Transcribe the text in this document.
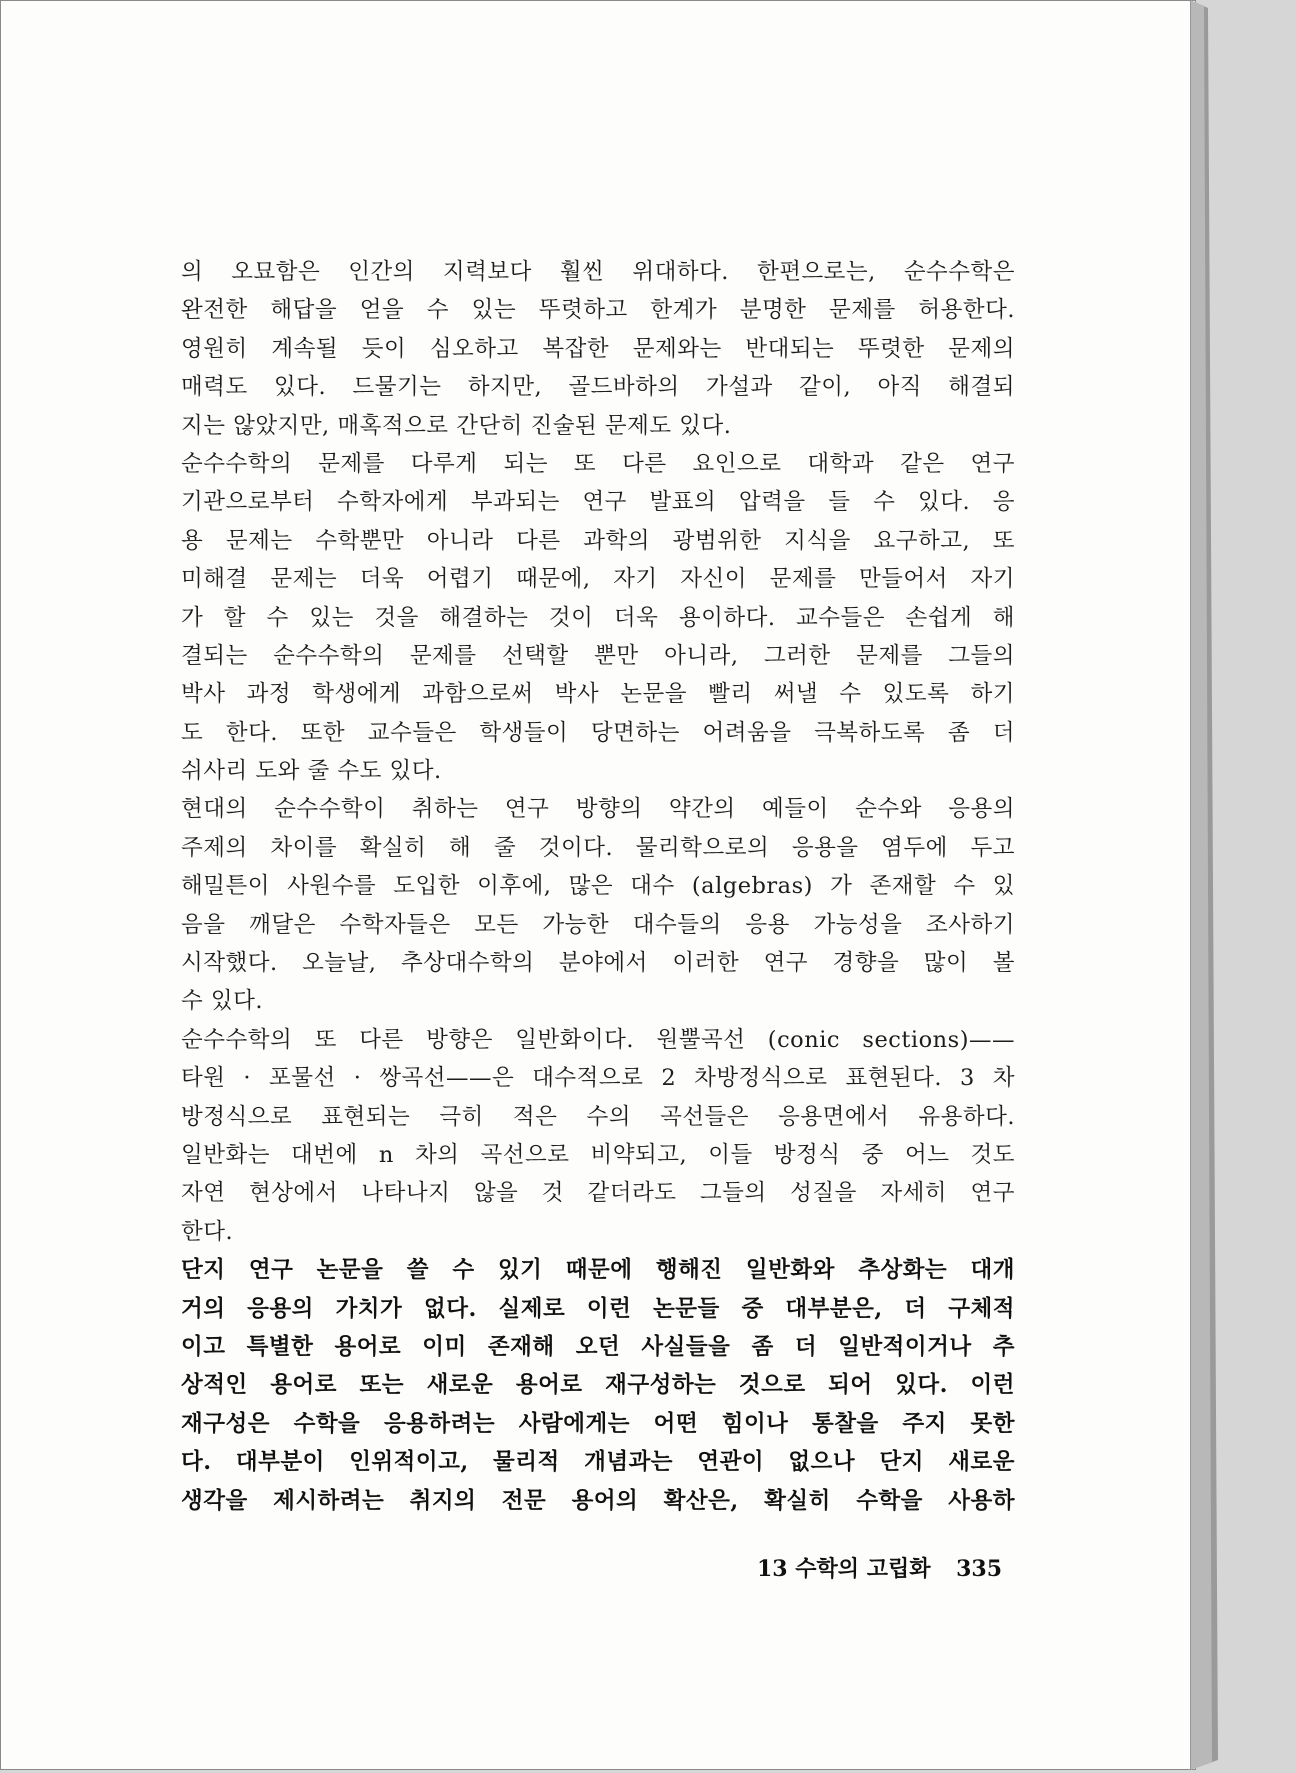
의 오묘함은 인간의 지력보다 훨씬 위대하다. 한편으로는, 순수수학은
완전한 해답을 얻을 수 있는 뚜렷하고 한계가 분명한 문제를 허용한다.
영원히 계속될 듯이 심오하고 복잡한 문제와는 반대되는 뚜렷한 문제의
매력도 있다. 드물기는 하지만, 골드바하의 가설과 같이, 아직 해결되
지는 않았지만, 매혹적으로 간단히 진술된 문제도 있다.
순수수학의 문제를 다루게 되는 또 다른 요인으로 대학과 같은 연구
기관으로부터 수학자에게 부과되는 연구 발표의 압력을 들 수 있다. 응
용 문제는 수학뿐만 아니라 다른 과학의 광범위한 지식을 요구하고, 또
미해결 문제는 더욱 어렵기 때문에, 자기 자신이 문제를 만들어서 자기
가 할 수 있는 것을 해결하는 것이 더욱 용이하다. 교수들은 손쉽게 해
결되는 순수수학의 문제를 선택할 뿐만 아니라, 그러한 문제를 그들의
박사 과정 학생에게 과함으로써 박사 논문을 빨리 써낼 수 있도록 하기
도 한다. 또한 교수들은 학생들이 당면하는 어려움을 극복하도록 좀 더
쉬사리 도와 줄 수도 있다.
현대의 순수수학이 취하는 연구 방향의 약간의 예들이 순수와 응용의
주제의 차이를 확실히 해 줄 것이다. 물리학으로의 응용을 염두에 두고
해밀튼이 사원수를 도입한 이후에, 많은 대수 (algebras) 가 존재할 수 있
음을 깨달은 수학자들은 모든 가능한 대수들의 응용 가능성을 조사하기
시작했다. 오늘날, 추상대수학의 분야에서 이러한 연구 경향을 많이 볼
수 있다.
순수수학의 또 다른 방향은 일반화이다. 원뿔곡선 (conic sections)——
타원 · 포물선 · 쌍곡선——은 대수적으로 2 차방정식으로 표현된다. 3 차
방정식으로 표현되는 극히 적은 수의 곡선들은 응용면에서 유용하다.
일반화는 대번에 n 차의 곡선으로 비약되고, 이들 방정식 중 어느 것도
자연 현상에서 나타나지 않을 것 같더라도 그들의 성질을 자세히 연구
한다.
단지 연구 논문을 쓸 수 있기 때문에 행해진 일반화와 추상화는 대개
거의 응용의 가치가 없다. 실제로 이런 논문들 중 대부분은, 더 구체적
이고 특별한 용어로 이미 존재해 오던 사실들을 좀 더 일반적이거나 추
상적인 용어로 또는 새로운 용어로 재구성하는 것으로 되어 있다. 이런
재구성은 수학을 응용하려는 사람에게는 어떤 힘이나 통찰을 주지 못한
다. 대부분이 인위적이고, 물리적 개념과는 연관이 없으나 단지 새로운
생각을 제시하려는 취지의 전문 용어의 확산은, 확실히 수학을 사용하
13 수학의 고립화 335
